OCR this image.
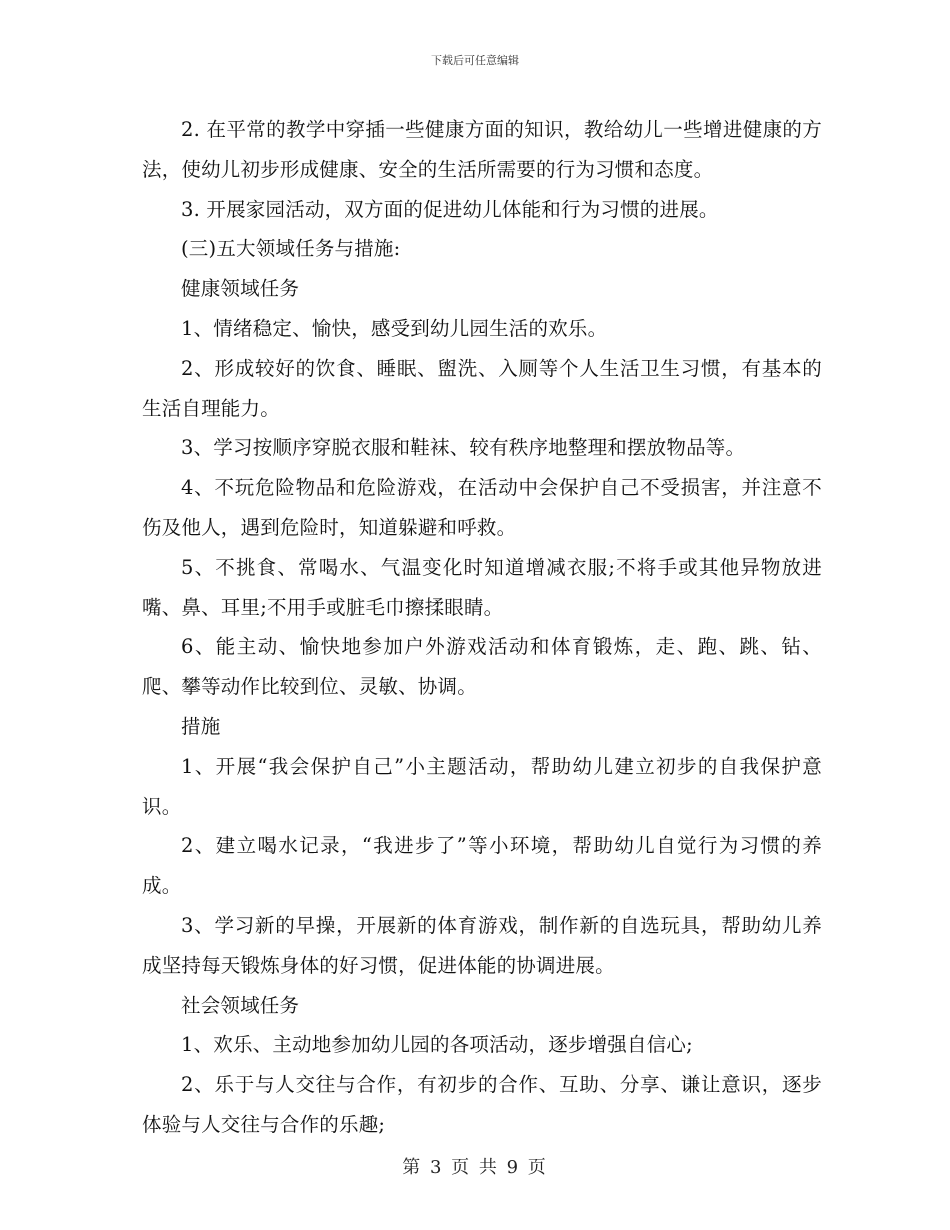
下载后可任意编辑

2. 在平常的教学中穿插一些健康方面的知识，教给幼儿一些增进健康的方法，使幼儿初步形成健康、安全的生活所需要的行为习惯和态度。

3. 开展家园活动，双方面的促进幼儿体能和行为习惯的进展。

(三)五大领域任务与措施:

健康领域任务

1、情绪稳定、愉快，感受到幼儿园生活的欢乐。

2、形成较好的饮食、睡眠、盥洗、入厕等个人生活卫生习惯，有基本的生活自理能力。

3、学习按顺序穿脱衣服和鞋袜、较有秩序地整理和摆放物品等。

4、不玩危险物品和危险游戏，在活动中会保护自己不受损害，并注意不伤及他人，遇到危险时，知道躲避和呼救。

5、不挑食、常喝水、气温变化时知道增减衣服;不将手或其他异物放进嘴、鼻、耳里;不用手或脏毛巾擦揉眼睛。

6、能主动、愉快地参加户外游戏活动和体育锻炼，走、跑、跳、钻、爬、攀等动作比较到位、灵敏、协调。

措施

1、开展“我会保护自己”小主题活动，帮助幼儿建立初步的自我保护意识。

2、建立喝水记录，“我进步了”等小环境，帮助幼儿自觉行为习惯的养成。

3、学习新的早操，开展新的体育游戏，制作新的自选玩具，帮助幼儿养成坚持每天锻炼身体的好习惯，促进体能的协调进展。

社会领域任务

1、欢乐、主动地参加幼儿园的各项活动，逐步增强自信心;

2、乐于与人交往与合作，有初步的合作、互助、分享、谦让意识，逐步体验与人交往与合作的乐趣;

第 3 页 共 9 页
